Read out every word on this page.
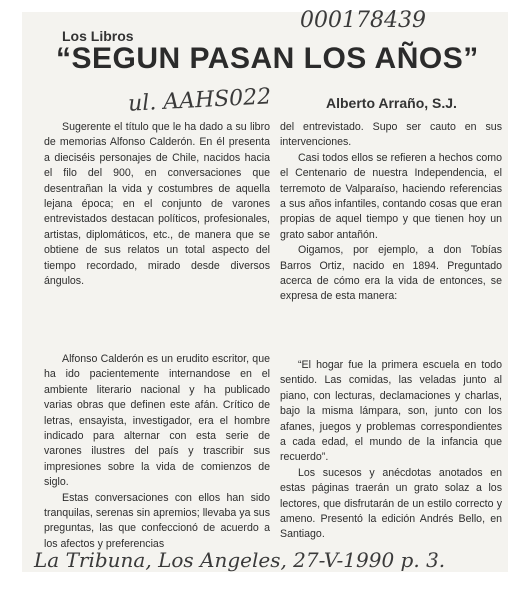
000178439
Los Libros
“SEGUN PASAN LOS AÑOS”
ul. AAHS022	Alberto Arraño, S.J.

Sugerente el título que le ha dado a su libro de memorias Alfonso Calderón. En él presenta a dieciséis personajes de Chile, nacidos hacia el filo del 900, en conversaciones que desentrañan la vida y costumbres de aquella lejana época; en el conjunto de varones entrevistados destacan políticos, profesionales, artistas, diplomáticos, etc., de manera que se obtiene de sus relatos un total aspecto del tiempo recordado, mirado desde diversos ángulos.

Alfonso Calderón es un erudito escritor, que ha ido pacientemente internandose en el ambiente literario nacional y ha publicado varias obras que definen este afán. Crítico de letras, ensayista, investigador, era el hombre indicado para alternar con esta serie de varones ilustres del país y trascribir sus impresiones sobre la vida de comienzos de siglo.

Estas conversaciones con ellos han sido tranquilas, serenas sin apremios; llevaba ya sus preguntas, las que confeccionó de acuerdo a los afectos y preferencias

del entrevistado. Supo ser cauto en sus intervenciones.

Casi todos ellos se refieren a hechos como el Centenario de nuestra Independencia, el terremoto de Valparaíso, haciendo referencias a sus años infantiles, contando cosas que eran propias de aquel tiempo y que tienen hoy un grato sabor antañón.

Oigamos, por ejemplo, a don Tobías Barros Ortiz, nacido en 1894. Preguntado acerca de cómo era la vida de entonces, se expresa de esta manera:

“El hogar fue la primera escuela en todo sentido. Las comidas, las veladas junto al piano, con lecturas, declamaciones y charlas, bajo la misma lámpara, son, junto con los afanes, juegos y problemas correspondientes a cada edad, el mundo de la infancia que recuerdo”.

Los sucesos y anécdotas anotados en estas páginas traerán un grato solaz a los lectores, que disfrutarán de un estilo correcto y ameno. Presentó la edición Andrés Bello, en Santiago.

La Tribuna, Los Angeles, 27-V-1990 p. 3.
